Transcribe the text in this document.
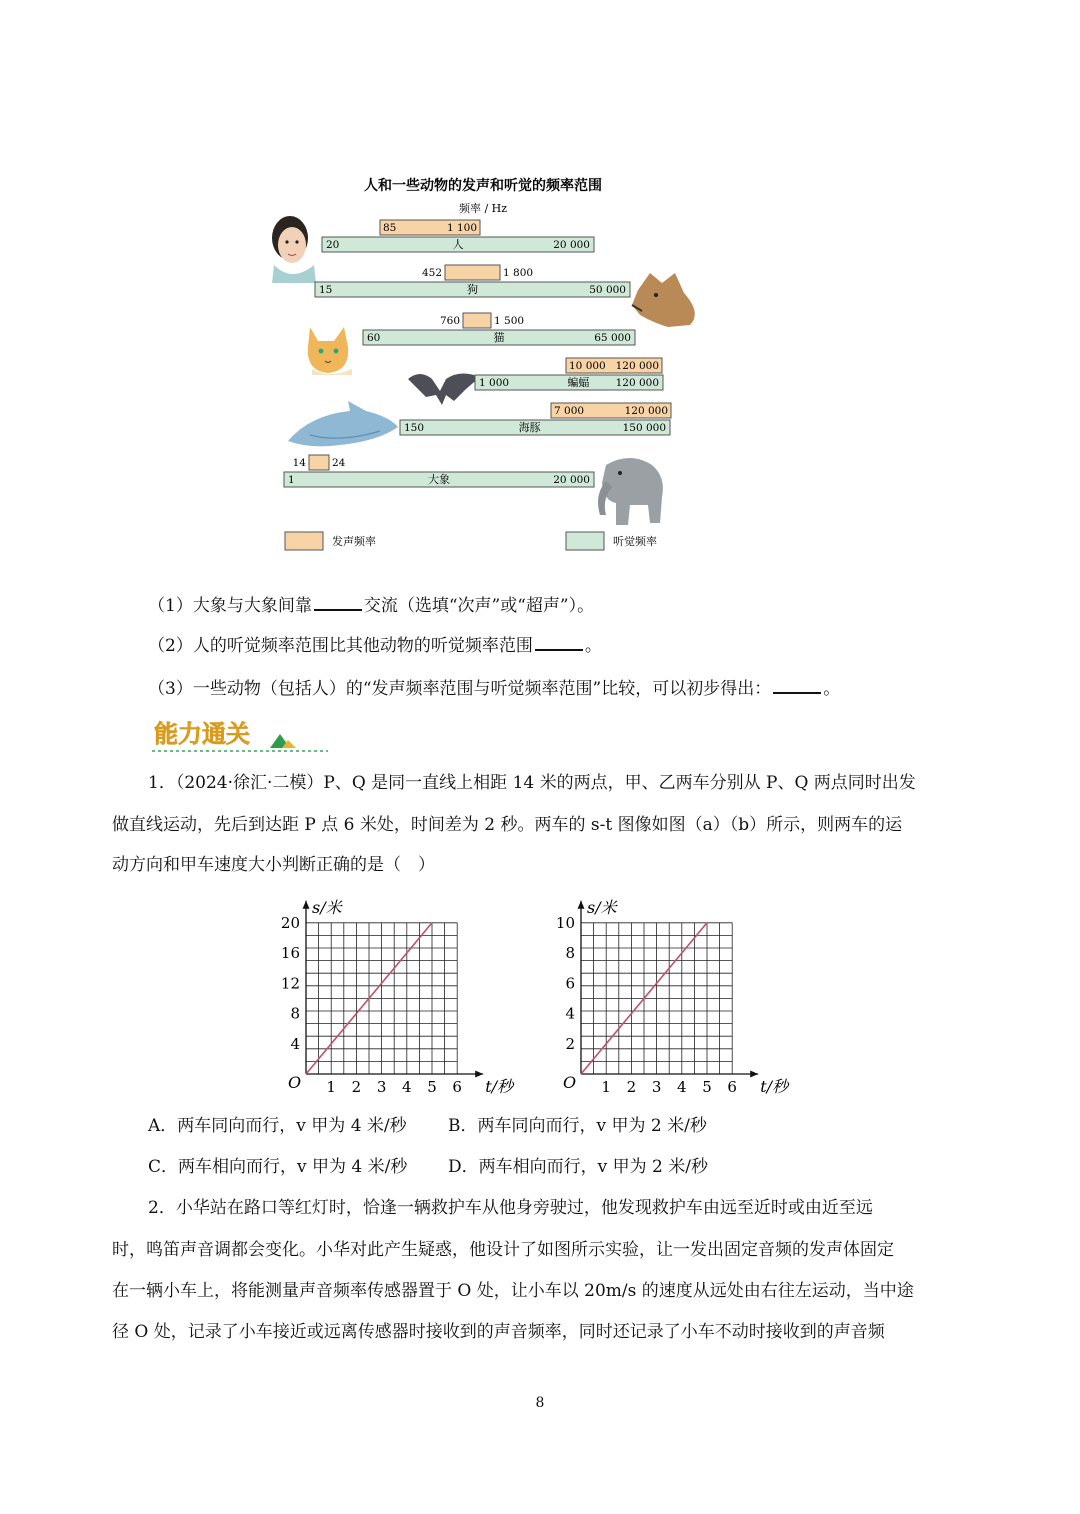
人和一些动物的发声和听觉的频率范围
频率 / Hz
85	1 100
20	20 000
人
452	1 800
15	50 000
狗
760	1 500
60	65 000
猫
10 000 120 000
1 000	120 000
蝙蝠
7 000	120 000
150	150 000
海豚
14 24
1	20 000
大象
发声频率	听觉频率
（1）大象与大象间靠	交流（选填“次声”或“超声”）。
（2）人的听觉频率范围比其他动物的听觉频率范围	。
（3）一些动物（包括人）的“发声频率范围与听觉频率范围”比较，可以初步得出：	。
能力通关
1．（2024·徐汇·二模）P、Q 是同一直线上相距 14 米的两点，甲、乙两车分别从 P、Q 两点同时出发
做直线运动，先后到达距 P 点 6 米处，时间差为 2 秒。两车的 s-t 图像如图（a）（b）所示，则两车的运
动方向和甲车速度大小判断正确的是（　）
s/米
t/秒
O 1 2 3 4 5 6
4
8
12
16
20
s/米
t/秒
O 1 2 3 4 5 6
2
4
6
8
10
A．两车同向而行，v 甲为 4 米/秒 B．两车同向而行，v 甲为 2 米/秒
C．两车相向而行，v 甲为 4 米/秒 D．两车相向而行，v 甲为 2 米/秒
2．小华站在路口等红灯时，恰逢一辆救护车从他身旁驶过，他发现救护车由远至近时或由近至远
时，鸣笛声音调都会变化。小华对此产生疑惑，他设计了如图所示实验，让一发出固定音频的发声体固定
在一辆小车上，将能测量声音频率传感器置于 O 处，让小车以 20m/s 的速度从远处由右往左运动，当中途
径 O 处，记录了小车接近或远离传感器时接收到的声音频率，同时还记录了小车不动时接收到的声音频
8
